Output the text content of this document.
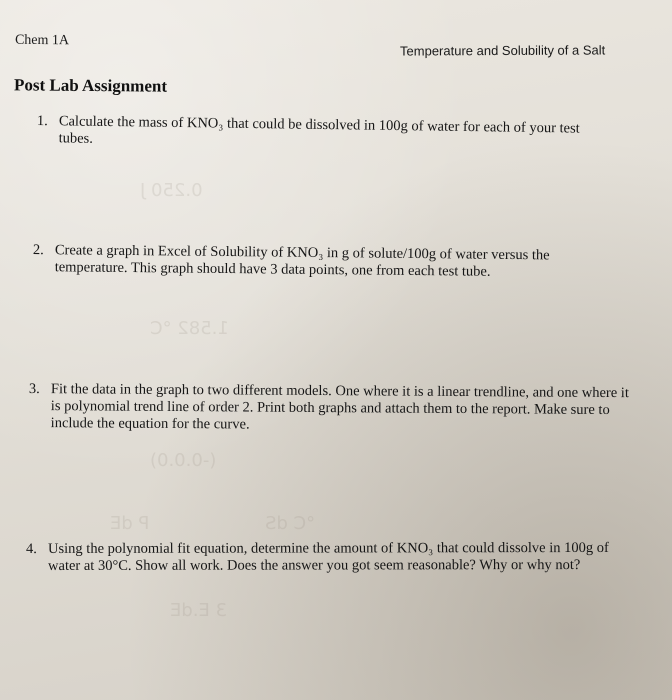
0.250 J
1.582 °C
(-0.0.0)
P dE	°C dS
3 E.dE
Chem 1A
Temperature and Solubility of a Salt
Post Lab Assignment
1. Calculate the mass of KNO₃ that could be dissolved in 100g of water for each of your test tubes.
2. Create a graph in Excel of Solubility of KNO₃ in g of solute/100g of water versus the temperature. This graph should have 3 data points, one from each test tube.
3. Fit the data in the graph to two different models. One where it is a linear trendline, and one where it is polynomial trend line of order 2. Print both graphs and attach them to the report. Make sure to include the equation for the curve.
4. Using the polynomial fit equation, determine the amount of KNO₃ that could dissolve in 100g of water at 30°C. Show all work. Does the answer you got seem reasonable? Why or why not?
